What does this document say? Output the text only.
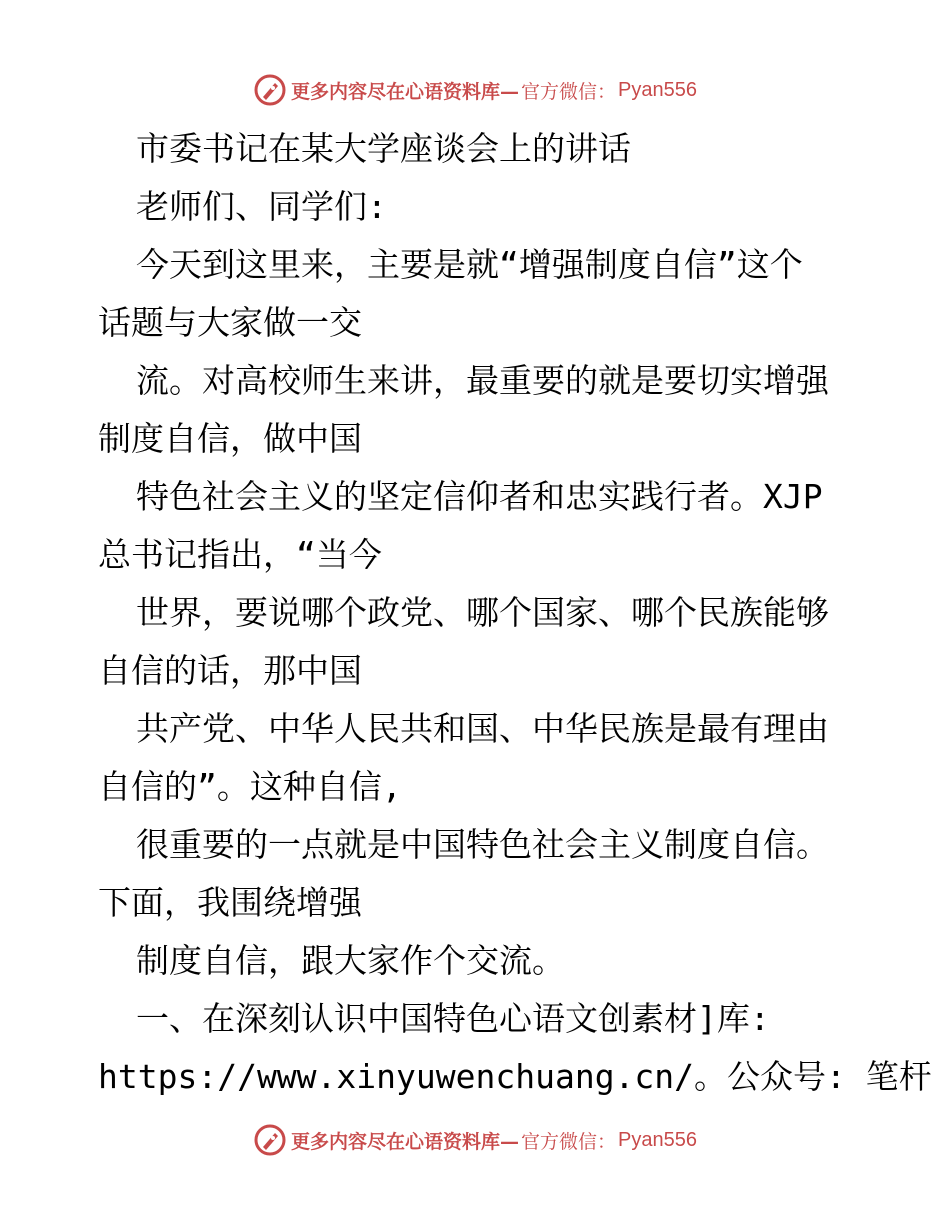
更多内容尽在心语资料库— 官方微信： Pyan556
市委书记在某大学座谈会上的讲话
老师们、同学们:
今天到这里来，主要是就“增强制度自信”这个
话题与大家做一交
流。对高校师生来讲，最重要的就是要切实增强
制度自信，做中国
特色社会主义的坚定信仰者和忠实践行者。XJP
总书记指出，“当今
世界，要说哪个政党、哪个国家、哪个民族能够
自信的话，那中国
共产党、中华人民共和国、中华民族是最有理由
自信的”。这种自信,
很重要的一点就是中国特色社会主义制度自信。
下面，我围绕增强
制度自信，跟大家作个交流。
一、在深刻认识中国特色心语文创素材]库:
https://www.xinyuwenchuang.cn/。公众号: 笔杆
更多内容尽在心语资料库— 官方微信： Pyan556
